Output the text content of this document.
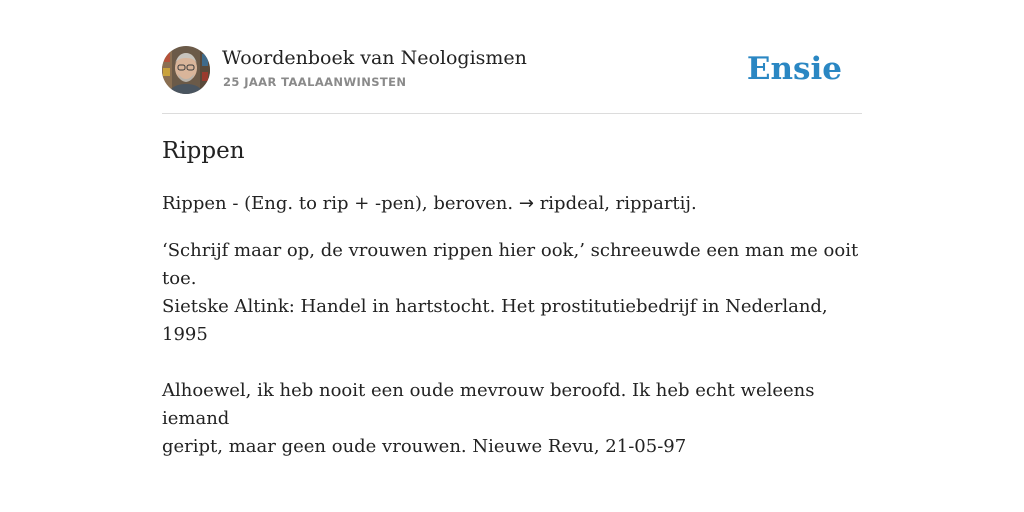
Woordenboek van Neologismen
25 JAAR TAALAANWINSTEN	Ensie
Rippen
Rippen - (Eng. to rip + -pen), beroven. → ripdeal, rippartij.

‘Schrijf maar op, de vrouwen rippen hier ook,’ schreeuwde een man me ooit toe.

Sietske Altink: Handel in hartstocht. Het prostitutiebedrijf in Nederland, 1995

Alhoewel, ik heb nooit een oude mevrouw beroofd. Ik heb echt weleens iemand

geript, maar geen oude vrouwen. Nieuwe Revu, 21-05-97
